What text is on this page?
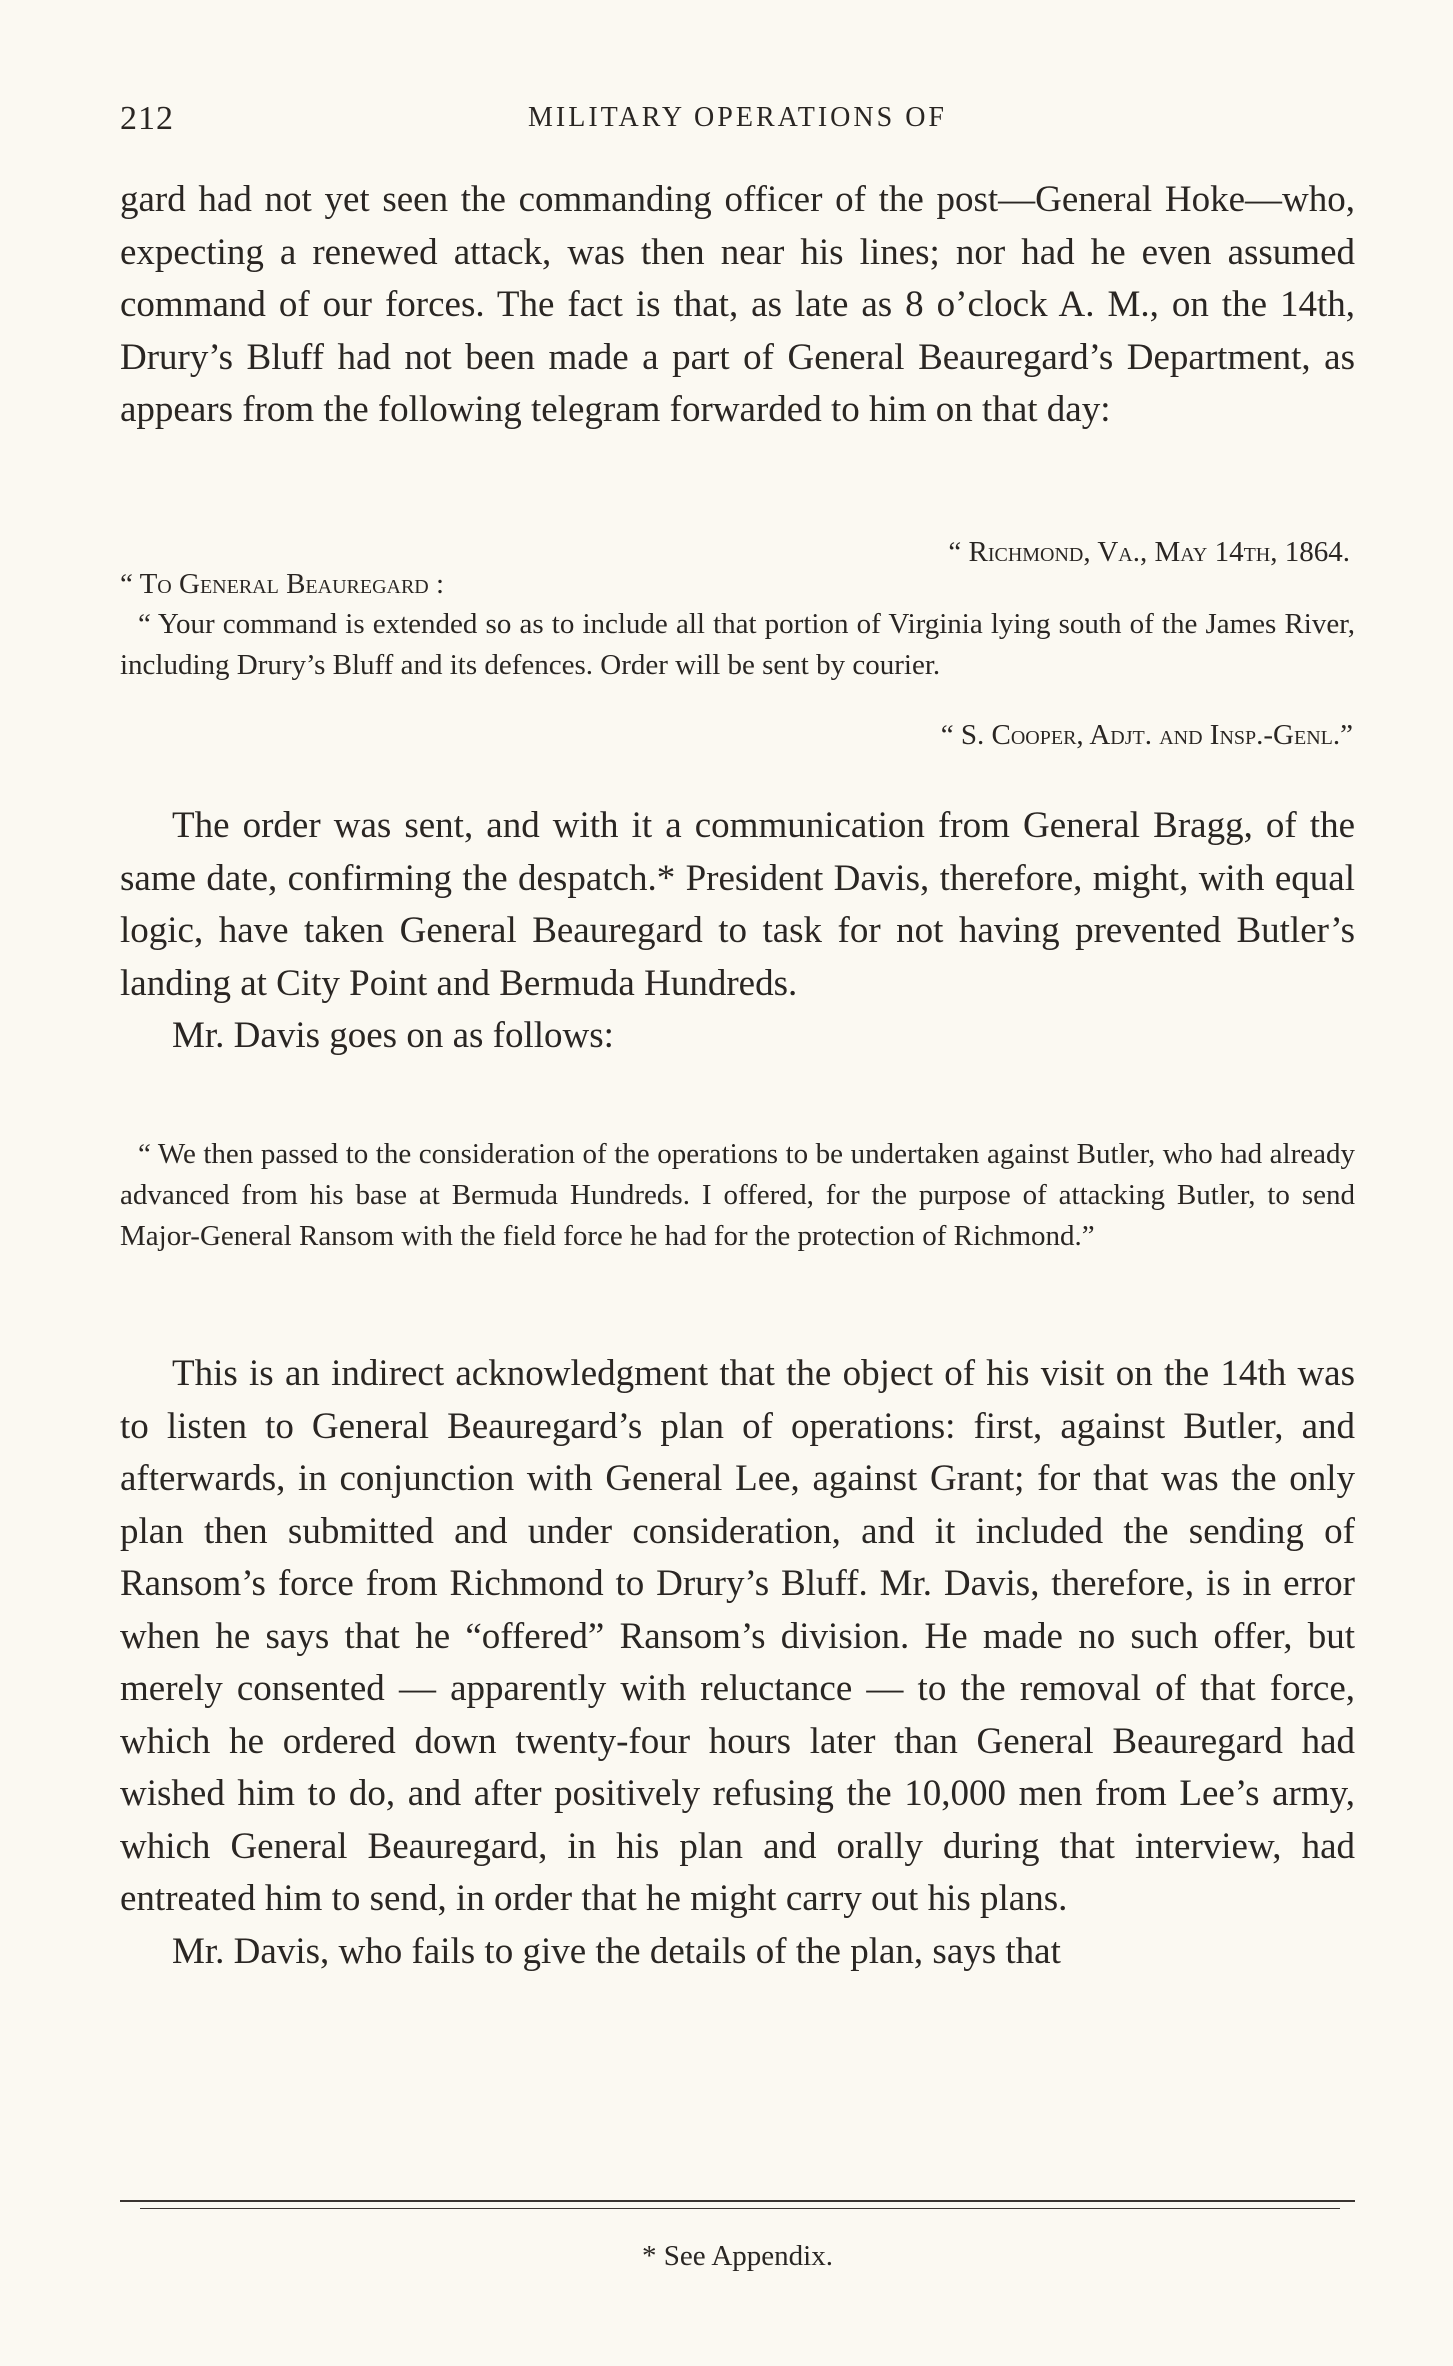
212	MILITARY OPERATIONS OF

gard had not yet seen the commanding officer of the post—General Hoke—who, expecting a renewed attack, was then near his lines; nor had he even assumed command of our forces. The fact is that, as late as 8 o’clock A. M., on the 14th, Drury’s Bluff had not been made a part of General Beauregard’s Department, as appears from the following telegram forwarded to him on that day:

“ Richmond, Va., May 14th, 1864.
“ To General Beauregard :

“ Your command is extended so as to include all that portion of Virginia lying south of the James River, including Drury’s Bluff and its defences. Order will be sent by courier.

“ S. Cooper, Adjt. and Insp.-Genl.”

The order was sent, and with it a communication from General Bragg, of the same date, confirming the despatch.* President Davis, therefore, might, with equal logic, have taken General Beauregard to task for not having prevented Butler’s landing at City Point and Bermuda Hundreds.

Mr. Davis goes on as follows:

“ We then passed to the consideration of the operations to be undertaken against Butler, who had already advanced from his base at Bermuda Hundreds. I offered, for the purpose of attacking Butler, to send Major-General Ransom with the field force he had for the protection of Richmond.”

This is an indirect acknowledgment that the object of his visit on the 14th was to listen to General Beauregard’s plan of operations: first, against Butler, and afterwards, in conjunction with General Lee, against Grant; for that was the only plan then submitted and under consideration, and it included the sending of Ransom’s force from Richmond to Drury’s Bluff. Mr. Davis, therefore, is in error when he says that he “offered” Ransom’s division. He made no such offer, but merely consented — apparently with reluctance — to the removal of that force, which he ordered down twenty-four hours later than General Beauregard had wished him to do, and after positively refusing the 10,000 men from Lee’s army, which General Beauregard, in his plan and orally during that interview, had entreated him to send, in order that he might carry out his plans.

Mr. Davis, who fails to give the details of the plan, says that

* See Appendix.
